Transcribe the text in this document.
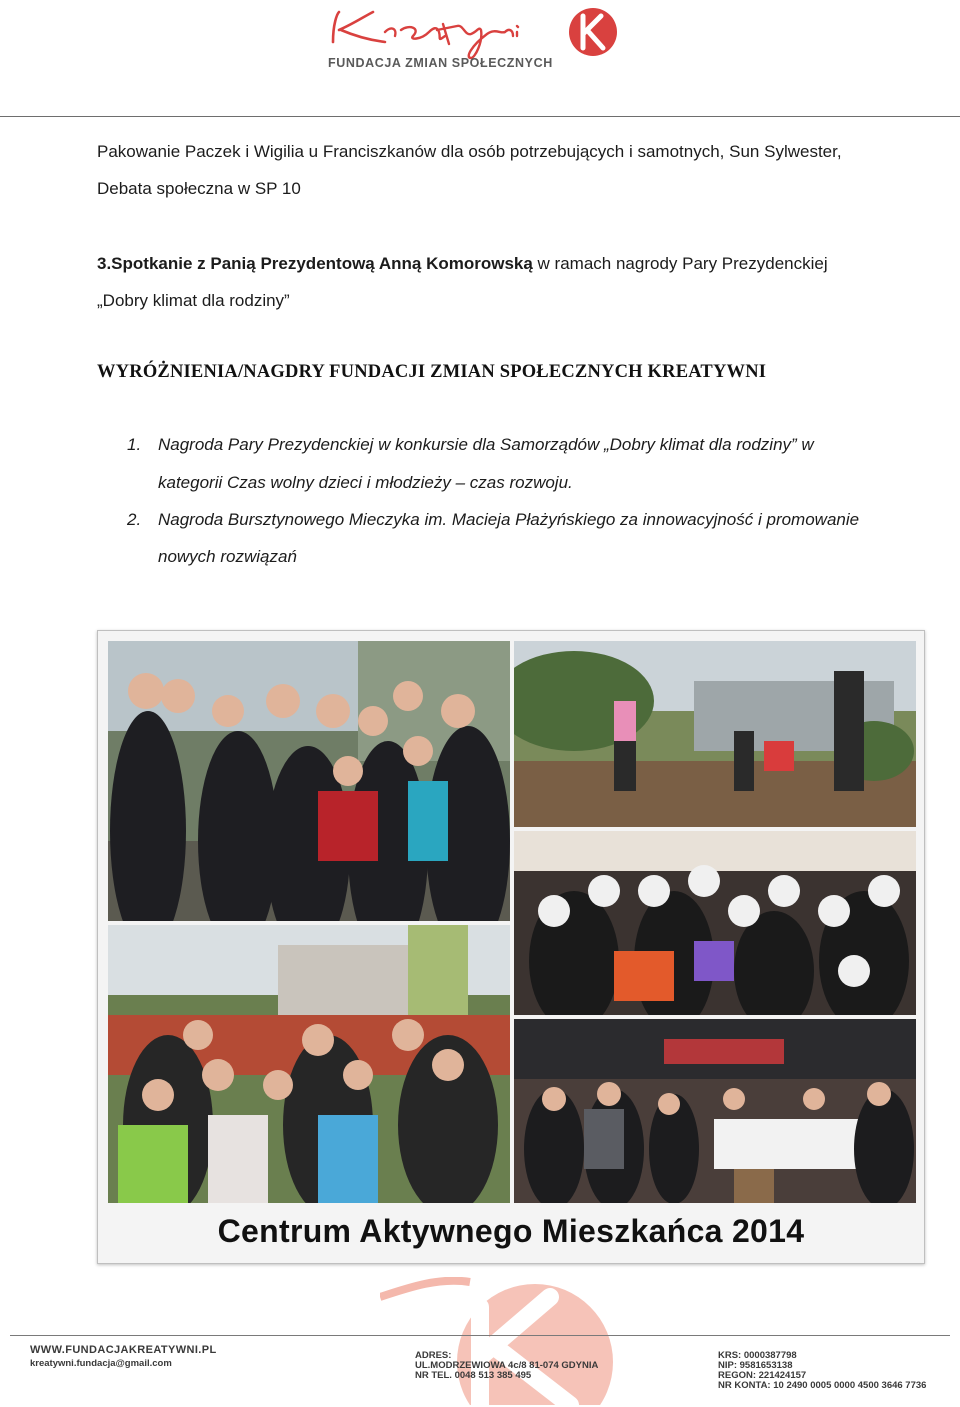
FUNDACJA ZMIAN SPOŁECZNYCH
Pakowanie Paczek i Wigilia u Franciszkanów dla osób potrzebujących i samotnych, Sun Sylwester,
Debata społeczna w SP 10
3.Spotkanie z Panią Prezydentową Anną Komorowską w ramach nagrody Pary Prezydenckiej
„Dobry klimat dla rodziny”
WYRÓŻNIENIA/NAGDRY FUNDACJI ZMIAN SPOŁECZNYCH KREATYWNI
1. Nagroda Pary Prezydenckiej w konkursie dla Samorządów „Dobry klimat dla rodziny” w
kategorii Czas wolny dzieci i młodzieży – czas rozwoju.
2. Nagroda Bursztynowego Mieczyka im. Macieja Płażyńskiego za innowacyjność i promowanie
nowych rozwiązań
Centrum Aktywnego Mieszkańca 2014
WWW.FUNDACJAKREATYWNI.PL
kreatywni.fundacja@gmail.com
ADRES:
UL.MODRZEWIOWA 4c/8 81-074 GDYNIA
NR TEL. 0048 513 385 495
KRS: 0000387798
NIP: 9581653138
REGON: 221424157
NR KONTA: 10 2490 0005 0000 4500 3646 7736
